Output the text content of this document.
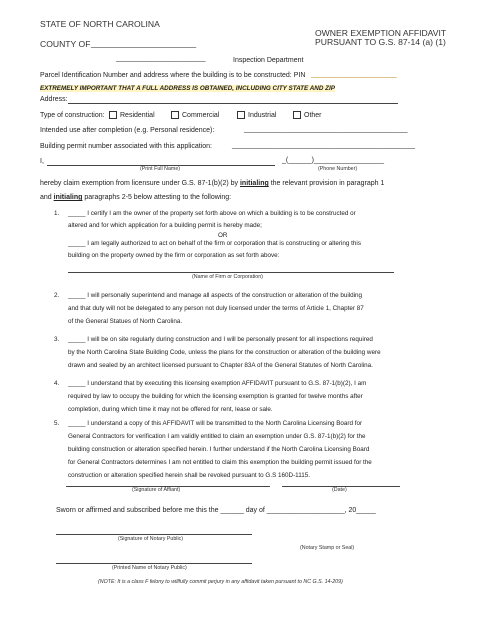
STATE OF NORTH CAROLINA
COUNTY OF ______________________
OWNER EXEMPTION AFFIDAVIT
PURSUANT TO G.S. 87-14 (a) (1)
_______________________	Inspection Department
Parcel Identification Number and address where the building is to be constructed: PIN ______________________
EXTREMELY IMPORTANT THAT A FULL ADDRESS IS OBTAINED, INCLUDING CITY STATE AND ZIP
Address:
Type of construction: Residential	Commercial	Industrial	Other
Intended use after completion (e.g. Personal residence):	__________________________________________
Building permit number associated with this application:	_______________________________________________
I,	_(______)__________________
(Print Full Name)	(Phone Number)
hereby claim exemption from licensure under G.S. 87-1(b)(2) by initialing the relevant provision in paragraph 1
and initialing paragraphs 2-5 below attesting to the following:
1. _____ I certify I am the owner of the property set forth above on which a building is to be constructed or
altered and for which application for a building permit is hereby made;
OR
_____ I am legally authorized to act on behalf of the firm or corporation that is constructing or altering this
building on the property owned by the firm or corporation as set forth above:
(Name of Firm or Corporation)
2. _____ I will personally superintend and manage all aspects of the construction or alteration of the building
and that duty will not be delegated to any person not duly licensed under the terms of Article 1, Chapter 87
of the General Statues of North Carolina.
3. _____ I will be on site regularly during construction and I will be personally present for all inspections required
by the North Carolina State Building Code, unless the plans for the construction or alteration of the building were
drawn and sealed by an architect licensed pursuant to Chapter 83A of the General Statutes of North Carolina.
4. _____ I understand that by executing this licensing exemption AFFIDAVIT pursuant to G.S. 87-1(b)(2), I am
required by law to occupy the building for which the licensing exemption is granted for twelve months after
completion, during which time it may not be offered for rent, lease or sale.
5. _____ I understand a copy of this AFFIDAVIT will be transmitted to the North Carolina Licensing Board for
General Contractors for verification I am validly entitled to claim an exemption under G.S. 87-1(b)(2) for the
building construction or alteration specified herein. I further understand if the North Carolina Licensing Board
for General Contractors determines I am not entitled to claim this exemption the building permit issued for the
construction or alteration specified herein shall be revoked pursuant to G.S 160D-1115.
(Signature of Affiant)	(Date)
Sworn or affirmed and subscribed before me this the ______ day of ____________________, 20_____
(Signature of Notary Public)
(Notary Stamp or Seal)
(Printed Name of Notary Public)
(NOTE: It is a class F felony to willfully commit perjury in any affidavit taken pursuant to NC G.S. 14-209)
